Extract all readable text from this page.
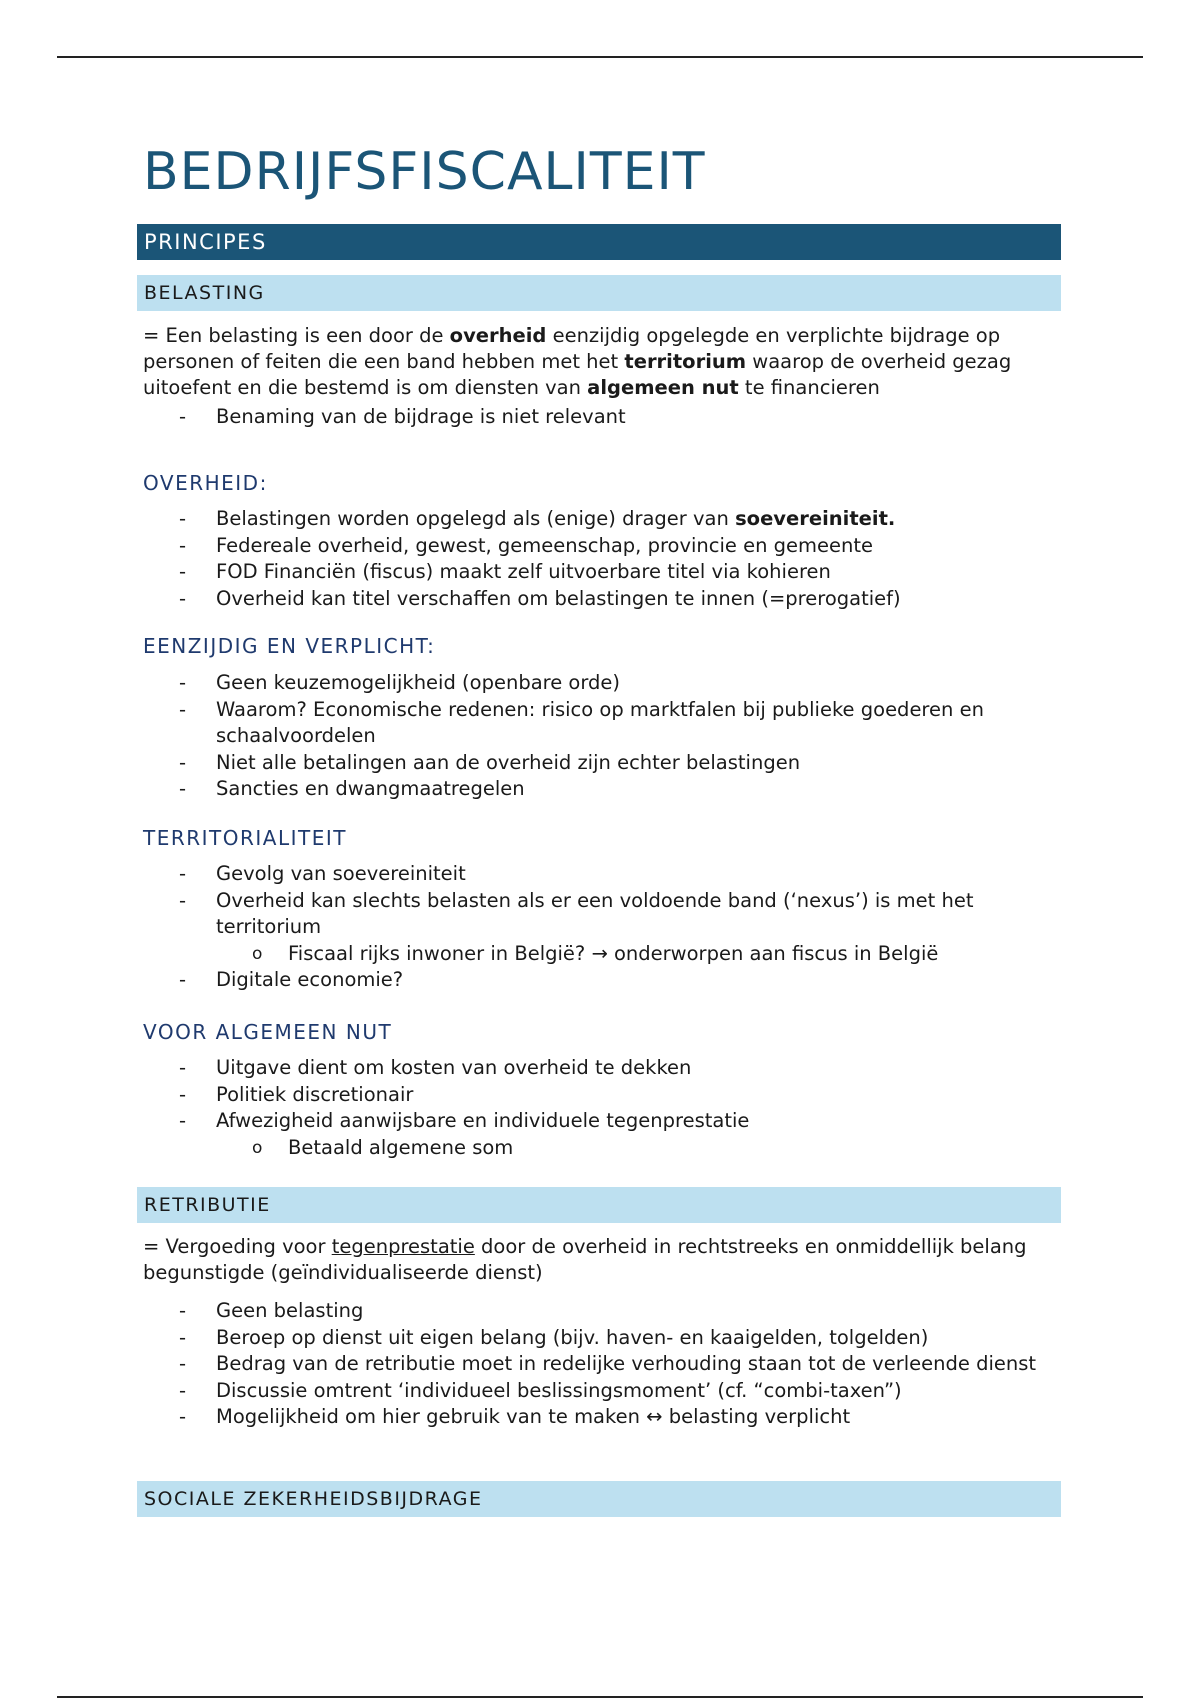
BEDRIJFSFISCALITEIT
PRINCIPES
BELASTING

= Een belasting is een door de overheid eenzijdig opgelegde en verplichte bijdrage op personen of feiten die een band hebben met het territorium waarop de overheid gezag uitoefent en die bestemd is om diensten van algemeen nut te financieren

- Benaming van de bijdrage is niet relevant
OVERHEID:
- Belastingen worden opgelegd als (enige) drager van soevereiniteit.
- Federeale overheid, gewest, gemeenschap, provincie en gemeente
- FOD Financiën (fiscus) maakt zelf uitvoerbare titel via kohieren
- Overheid kan titel verschaffen om belastingen te innen (=prerogatief)
EENZIJDIG EN VERPLICHT:
- Geen keuzemogelijkheid (openbare orde)
- Waarom? Economische redenen: risico op marktfalen bij publieke goederen en schaalvoordelen
- Niet alle betalingen aan de overheid zijn echter belastingen
- Sancties en dwangmaatregelen
TERRITORIALITEIT
- Gevolg van soevereiniteit
- Overheid kan slechts belasten als er een voldoende band (‘nexus’) is met het territorium
o Fiscaal rijks inwoner in België? → onderworpen aan fiscus in België
- Digitale economie?
VOOR ALGEMEEN NUT
- Uitgave dient om kosten van overheid te dekken
- Politiek discretionair
- Afwezigheid aanwijsbare en individuele tegenprestatie
o Betaald algemene som
RETRIBUTIE

= Vergoeding voor tegenprestatie door de overheid in rechtstreeks en onmiddellijk belang begunstigde (geïndividualiseerde dienst)

- Geen belasting
- Beroep op dienst uit eigen belang (bijv. haven- en kaaigelden, tolgelden)
- Bedrag van de retributie moet in redelijke verhouding staan tot de verleende dienst
- Discussie omtrent ‘individueel beslissingsmoment’ (cf. “combi-taxen”)
- Mogelijkheid om hier gebruik van te maken ↔ belasting verplicht
SOCIALE ZEKERHEIDSBIJDRAGE
